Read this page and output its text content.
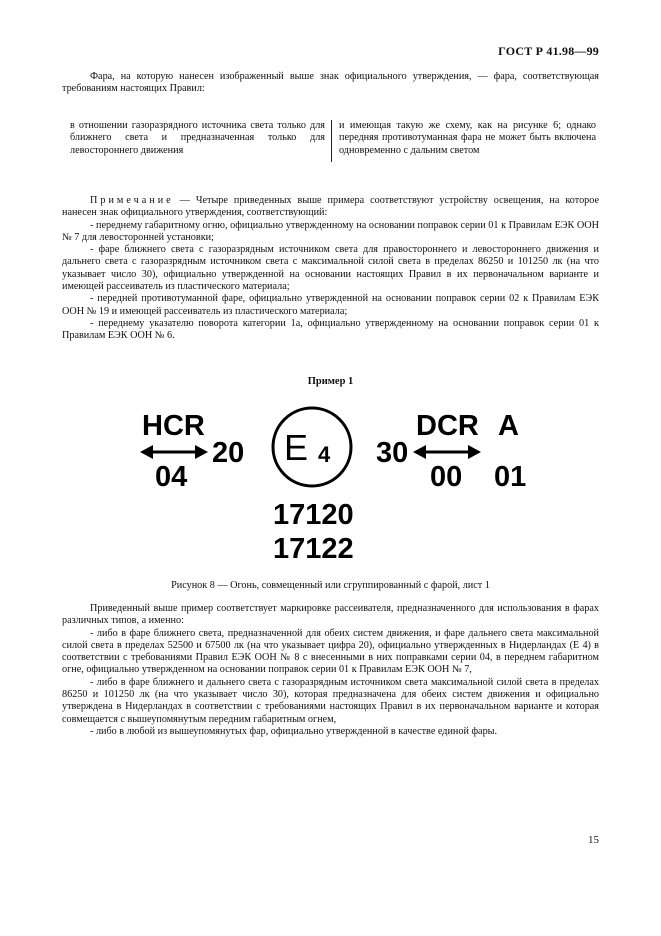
ГОСТ Р 41.98—99
Фара, на которую нанесен изображенный выше знак официального утверждения, — фара, соответствующая требованиям настоящих Правил:
в отношении газоразрядного источника света только для ближнего света и предназначенная только для левостороннего движения
и имеющая такую же схему, как на рисунке 6; однако передняя противотуманная фара не может быть включена одновременно с дальним светом
Примечание — Четыре приведенных выше примера соответствуют устройству освещения, на которое нанесен знак официального утверждения, соответствующий:
- переднему габаритному огню, официально утвержденному на основании поправок серии 01 к Правилам ЕЭК ООН № 7 для левосторонней установки;
- фаре ближнего света с газоразрядным источником света для правостороннего и левостороннего движения и дальнего света с газоразрядным источником света с максимальной силой света в пределах 86250 и 101250 лк (на что указывает число 30), официально утвержденной на основании настоящих Правил в их первоначальном варианте и имеющей рассеиватель из пластического материала;
- передней противотуманной фаре, официально утвержденной на основании поправок серии 02 к Правилам ЕЭК ООН № 19 и имеющей рассеиватель из пластического материала;
- переднему указателю поворота категории 1а, официально утвержденному на основании поправок серии 01 к Правилам ЕЭК ООН № 6.
Пример 1
HCR
04
20 E 4 30
DCR
00
A
01
17120
17122
Рисунок 8 — Огонь, совмещенный или сгруппированный с фарой, лист 1
Приведенный выше пример соответствует маркировке рассеивателя, предназначенного для использования в фарах различных типов, а именно:
- либо в фаре ближнего света, предназначенной для обеих систем движения, и фаре дальнего света максимальной силой света в пределах 52500 и 67500 лк (на что указывает цифра 20), официально утвержденных в Нидерландах (Е 4) в соответствии с требованиями Правил ЕЭК ООН № 8 с внесенными в них поправками серии 04, в переднем габаритном огне, официально утвержденном на основании поправок серии 01 к Правилам ЕЭК ООН № 7,
- либо в фаре ближнего и дальнего света с газоразрядным источником света максимальной силой света в пределах 86250 и 101250 лк (на что указывает число 30), которая предназначена для обеих систем движения и официально утверждена в Нидерландах в соответствии с требованиями настоящих Правил в их первоначальном варианте и которая совмещается с вышеупомянутым передним габаритным огнем,
- либо в любой из вышеупомянутых фар, официально утвержденной в качестве единой фары.
15
